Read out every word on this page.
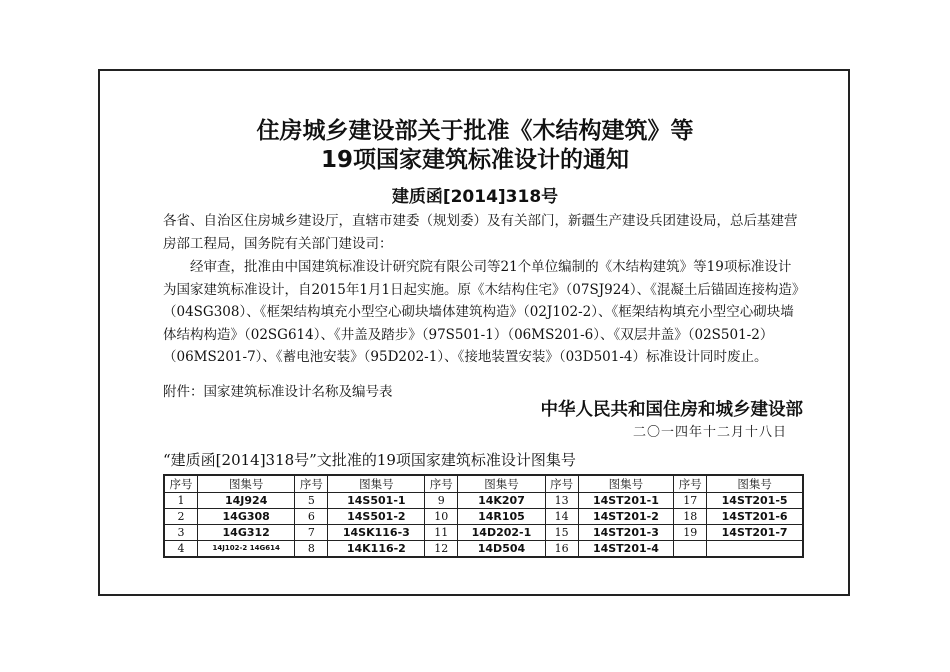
住房城乡建设部关于批准《木结构建筑》等
19项国家建筑标准设计的通知
建质函[2014]318号
各省、自治区住房城乡建设厅，直辖市建委（规划委）及有关部门，新疆生产建设兵团建设局，总后基建营房部工程局，国务院有关部门建设司：
经审查，批准由中国建筑标准设计研究院有限公司等21个单位编制的《木结构建筑》等19项标准设计为国家建筑标准设计，自2015年1月1日起实施。原《木结构住宅》（07SJ924）、《混凝土后锚固连接构造》（04SG308）、《框架结构填充小型空心砌块墙体建筑构造》（02J102-2）、《框架结构填充小型空心砌块墙体结构构造》（02SG614）、《井盖及踏步》（97S501-1）（06MS201-6）、《双层井盖》（02S501-2）（06MS201-7）、《蓄电池安装》（95D202-1）、《接地装置安装》（03D501-4）标准设计同时废止。
附件：国家建筑标准设计名称及编号表
中华人民共和国住房和城乡建设部
二〇一四年十二月十八日
“建质函[2014]318号”文批准的19项国家建筑标准设计图集号
序号	图集号	序号	图集号	序号	图集号	序号	图集号	序号	图集号
1	14J924	5	14S501-1	9	14K207	13	14ST201-1	17	14ST201-5
2	14G308	6	14S501-2	10	14R105	14	14ST201-2	18	14ST201-6
3	14G312	7	14SK116-3	11	14D202-1	15	14ST201-3	19	14ST201-7
4	14J102-2 14G614	8	14K116-2	12	14D504	16	14ST201-4		
